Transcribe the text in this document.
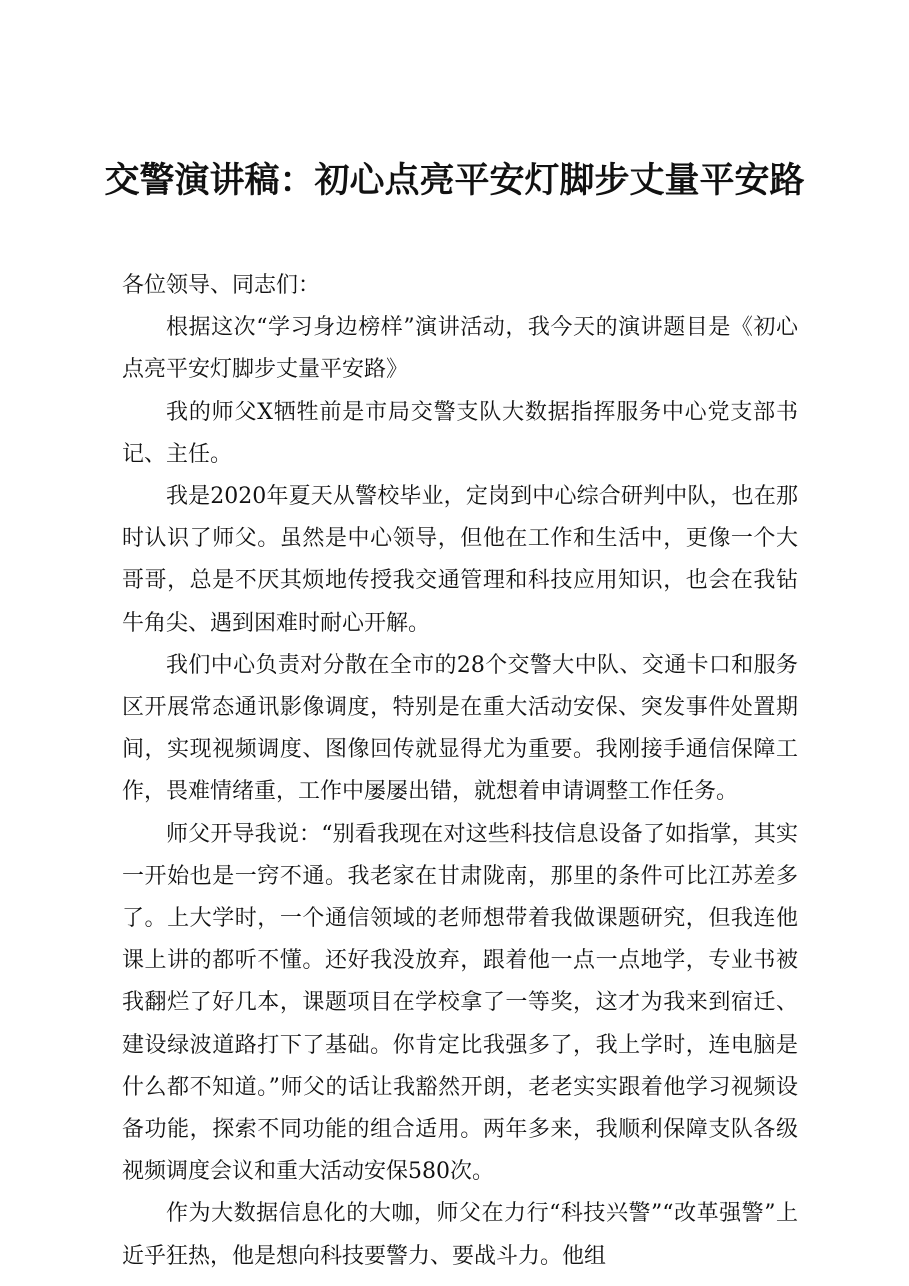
交警演讲稿：初心点亮平安灯脚步丈量平安路

各位领导、同志们：

根据这次“学习身边榜样”演讲活动，我今天的演讲题目是《初心点亮平安灯脚步丈量平安路》

我的师父X牺牲前是市局交警支队大数据指挥服务中心党支部书记、主任。

我是2020年夏天从警校毕业，定岗到中心综合研判中队，也在那时认识了师父。虽然是中心领导，但他在工作和生活中，更像一个大哥哥，总是不厌其烦地传授我交通管理和科技应用知识，也会在我钻牛角尖、遇到困难时耐心开解。

我们中心负责对分散在全市的28个交警大中队、交通卡口和服务区开展常态通讯影像调度，特别是在重大活动安保、突发事件处置期间，实现视频调度、图像回传就显得尤为重要。我刚接手通信保障工作，畏难情绪重，工作中屡屡出错，就想着申请调整工作任务。

师父开导我说：“别看我现在对这些科技信息设备了如指掌，其实一开始也是一窍不通。我老家在甘肃陇南，那里的条件可比江苏差多了。上大学时，一个通信领域的老师想带着我做课题研究，但我连他课上讲的都听不懂。还好我没放弃，跟着他一点一点地学，专业书被我翻烂了好几本，课题项目在学校拿了一等奖，这才为我来到宿迁、建设绿波道路打下了基础。你肯定比我强多了，我上学时，连电脑是什么都不知道。”师父的话让我豁然开朗，老老实实跟着他学习视频设备功能，探索不同功能的组合适用。两年多来，我顺利保障支队各级视频调度会议和重大活动安保580次。

作为大数据信息化的大咖，师父在力行“科技兴警”“改革强警”上近乎狂热，他是想向科技要警力、要战斗力。他组
